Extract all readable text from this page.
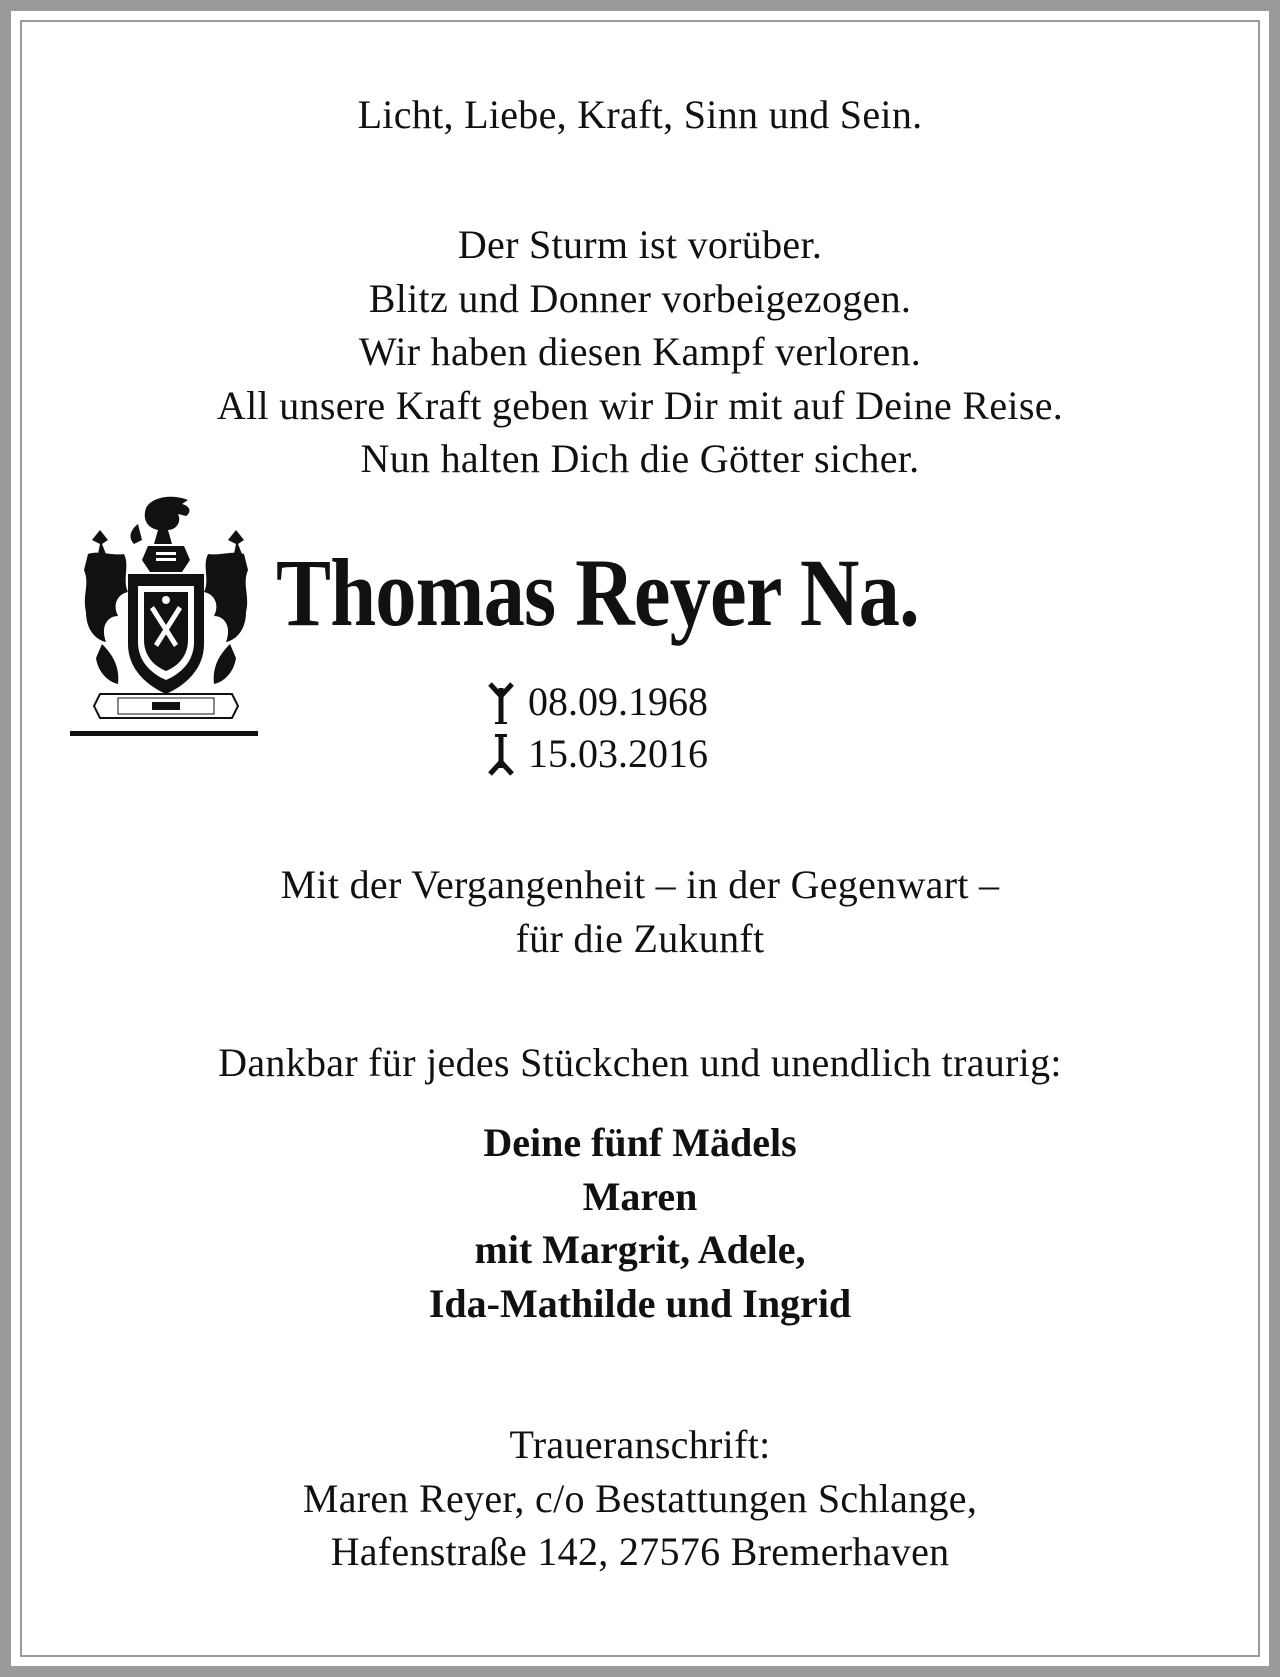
Licht, Liebe, Kraft, Sinn und Sein.
Der Sturm ist vorüber.
Blitz und Donner vorbeigezogen.
Wir haben diesen Kampf verloren.
All unsere Kraft geben wir Dir mit auf Deine Reise.
Nun halten Dich die Götter sicher.
Thomas Reyer Na.
08.09.1968
15.03.2016
Mit der Vergangenheit – in der Gegenwart –
für die Zukunft
Dankbar für jedes Stückchen und unendlich traurig:
Deine fünf Mädels
Maren
mit Margrit, Adele,
Ida-Mathilde und Ingrid
Traueranschrift:
Maren Reyer, c/o Bestattungen Schlange,
Hafenstraße 142, 27576 Bremerhaven
